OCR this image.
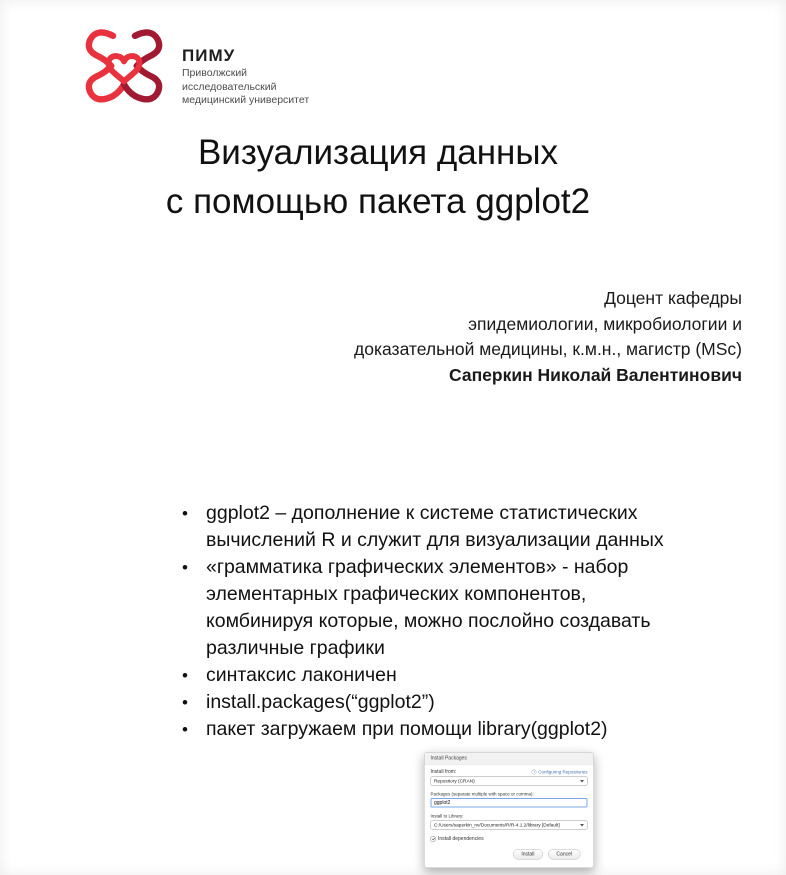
ПИМУ
Приволжский
исследовательский
медицинский университет
Визуализация данных
с помощью пакета ggplot2
Доцент кафедры
эпидемиологии, микробиологии и
доказательной медицины, к.м.н., магистр (MSc)
Саперкин Николай Валентинович
• ggplot2 – дополнение к системе статистических вычислений R и служит для визуализации данных
• «грамматика графических элементов» - набор элементарных графических компонентов, комбинируя которые, можно послойно создавать различные графики
• синтаксис лаконичен
• install.packages(“ggplot2”)
• пакет загружаем при помощи library(ggplot2)
Install Packages
Install from:	? Configuring Repositories
Repository (CRAN)
Packages (separate multiple with space or comma):
ggplot2
Install to Library:
C:/Users/saperkin_nv/Documents/R/R-4.1.2/library [Default]
Install dependencies
Install	Cancel
